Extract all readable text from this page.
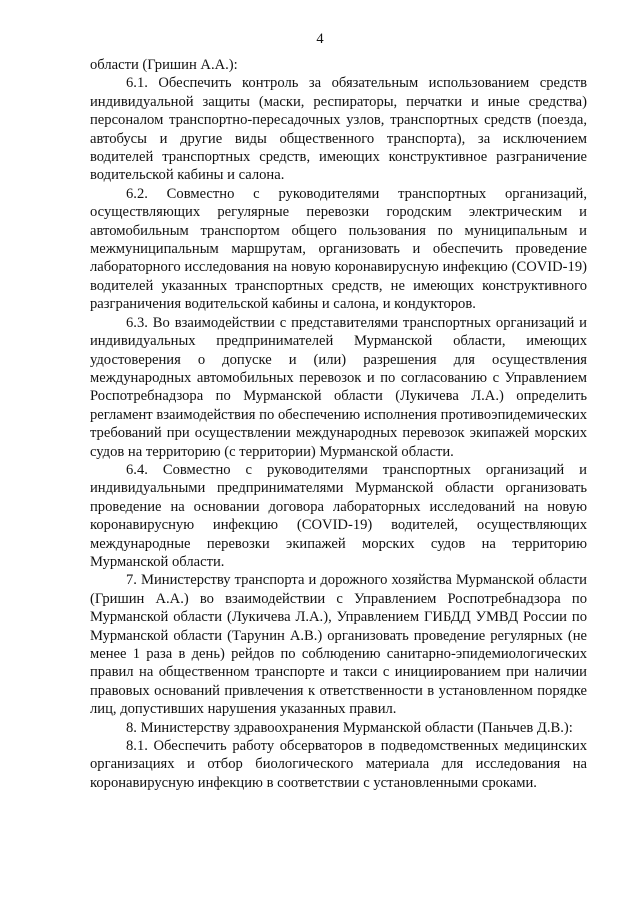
4

области (Гришин А.А.):

6.1. Обеспечить контроль за обязательным использованием средств индивидуальной защиты (маски, респираторы, перчатки и иные средства) персоналом транспортно-пересадочных узлов, транспортных средств (поезда, автобусы и другие виды общественного транспорта), за исключением водителей транспортных средств, имеющих конструктивное разграничение водительской кабины и салона.

6.2. Совместно с руководителями транспортных организаций, осуществляющих регулярные перевозки городским электрическим и автомобильным транспортом общего пользования по муниципальным и межмуниципальным маршрутам, организовать и обеспечить проведение лабораторного исследования на новую коронавирусную инфекцию (COVID-19) водителей указанных транспортных средств, не имеющих конструктивного разграничения водительской кабины и салона, и кондукторов.

6.3. Во взаимодействии с представителями транспортных организаций и индивидуальных предпринимателей Мурманской области, имеющих удостоверения о допуске и (или) разрешения для осуществления международных автомобильных перевозок и по согласованию с Управлением Роспотребнадзора по Мурманской области (Лукичева Л.А.) определить регламент взаимодействия по обеспечению исполнения противоэпидемических требований при осуществлении международных перевозок экипажей морских судов на территорию (с территории) Мурманской области.

6.4. Совместно с руководителями транспортных организаций и индивидуальными предпринимателями Мурманской области организовать проведение на основании договора лабораторных исследований на новую коронавирусную инфекцию (COVID-19) водителей, осуществляющих международные перевозки экипажей морских судов на территорию Мурманской области.

7. Министерству транспорта и дорожного хозяйства Мурманской области (Гришин А.А.) во взаимодействии с Управлением Роспотребнадзора по Мурманской области (Лукичева Л.А.), Управлением ГИБДД УМВД России по Мурманской области (Тарунин А.В.) организовать проведение регулярных (не менее 1 раза в день) рейдов по соблюдению санитарно-эпидемиологических правил на общественном транспорте и такси с инициированием при наличии правовых оснований привлечения к ответственности в установленном порядке лиц, допустивших нарушения указанных правил.

8. Министерству здравоохранения Мурманской области (Паньчев Д.В.):

8.1. Обеспечить работу обсерваторов в подведомственных медицинских организациях и отбор биологического материала для исследования на коронавирусную инфекцию в соответствии с установленными сроками.
